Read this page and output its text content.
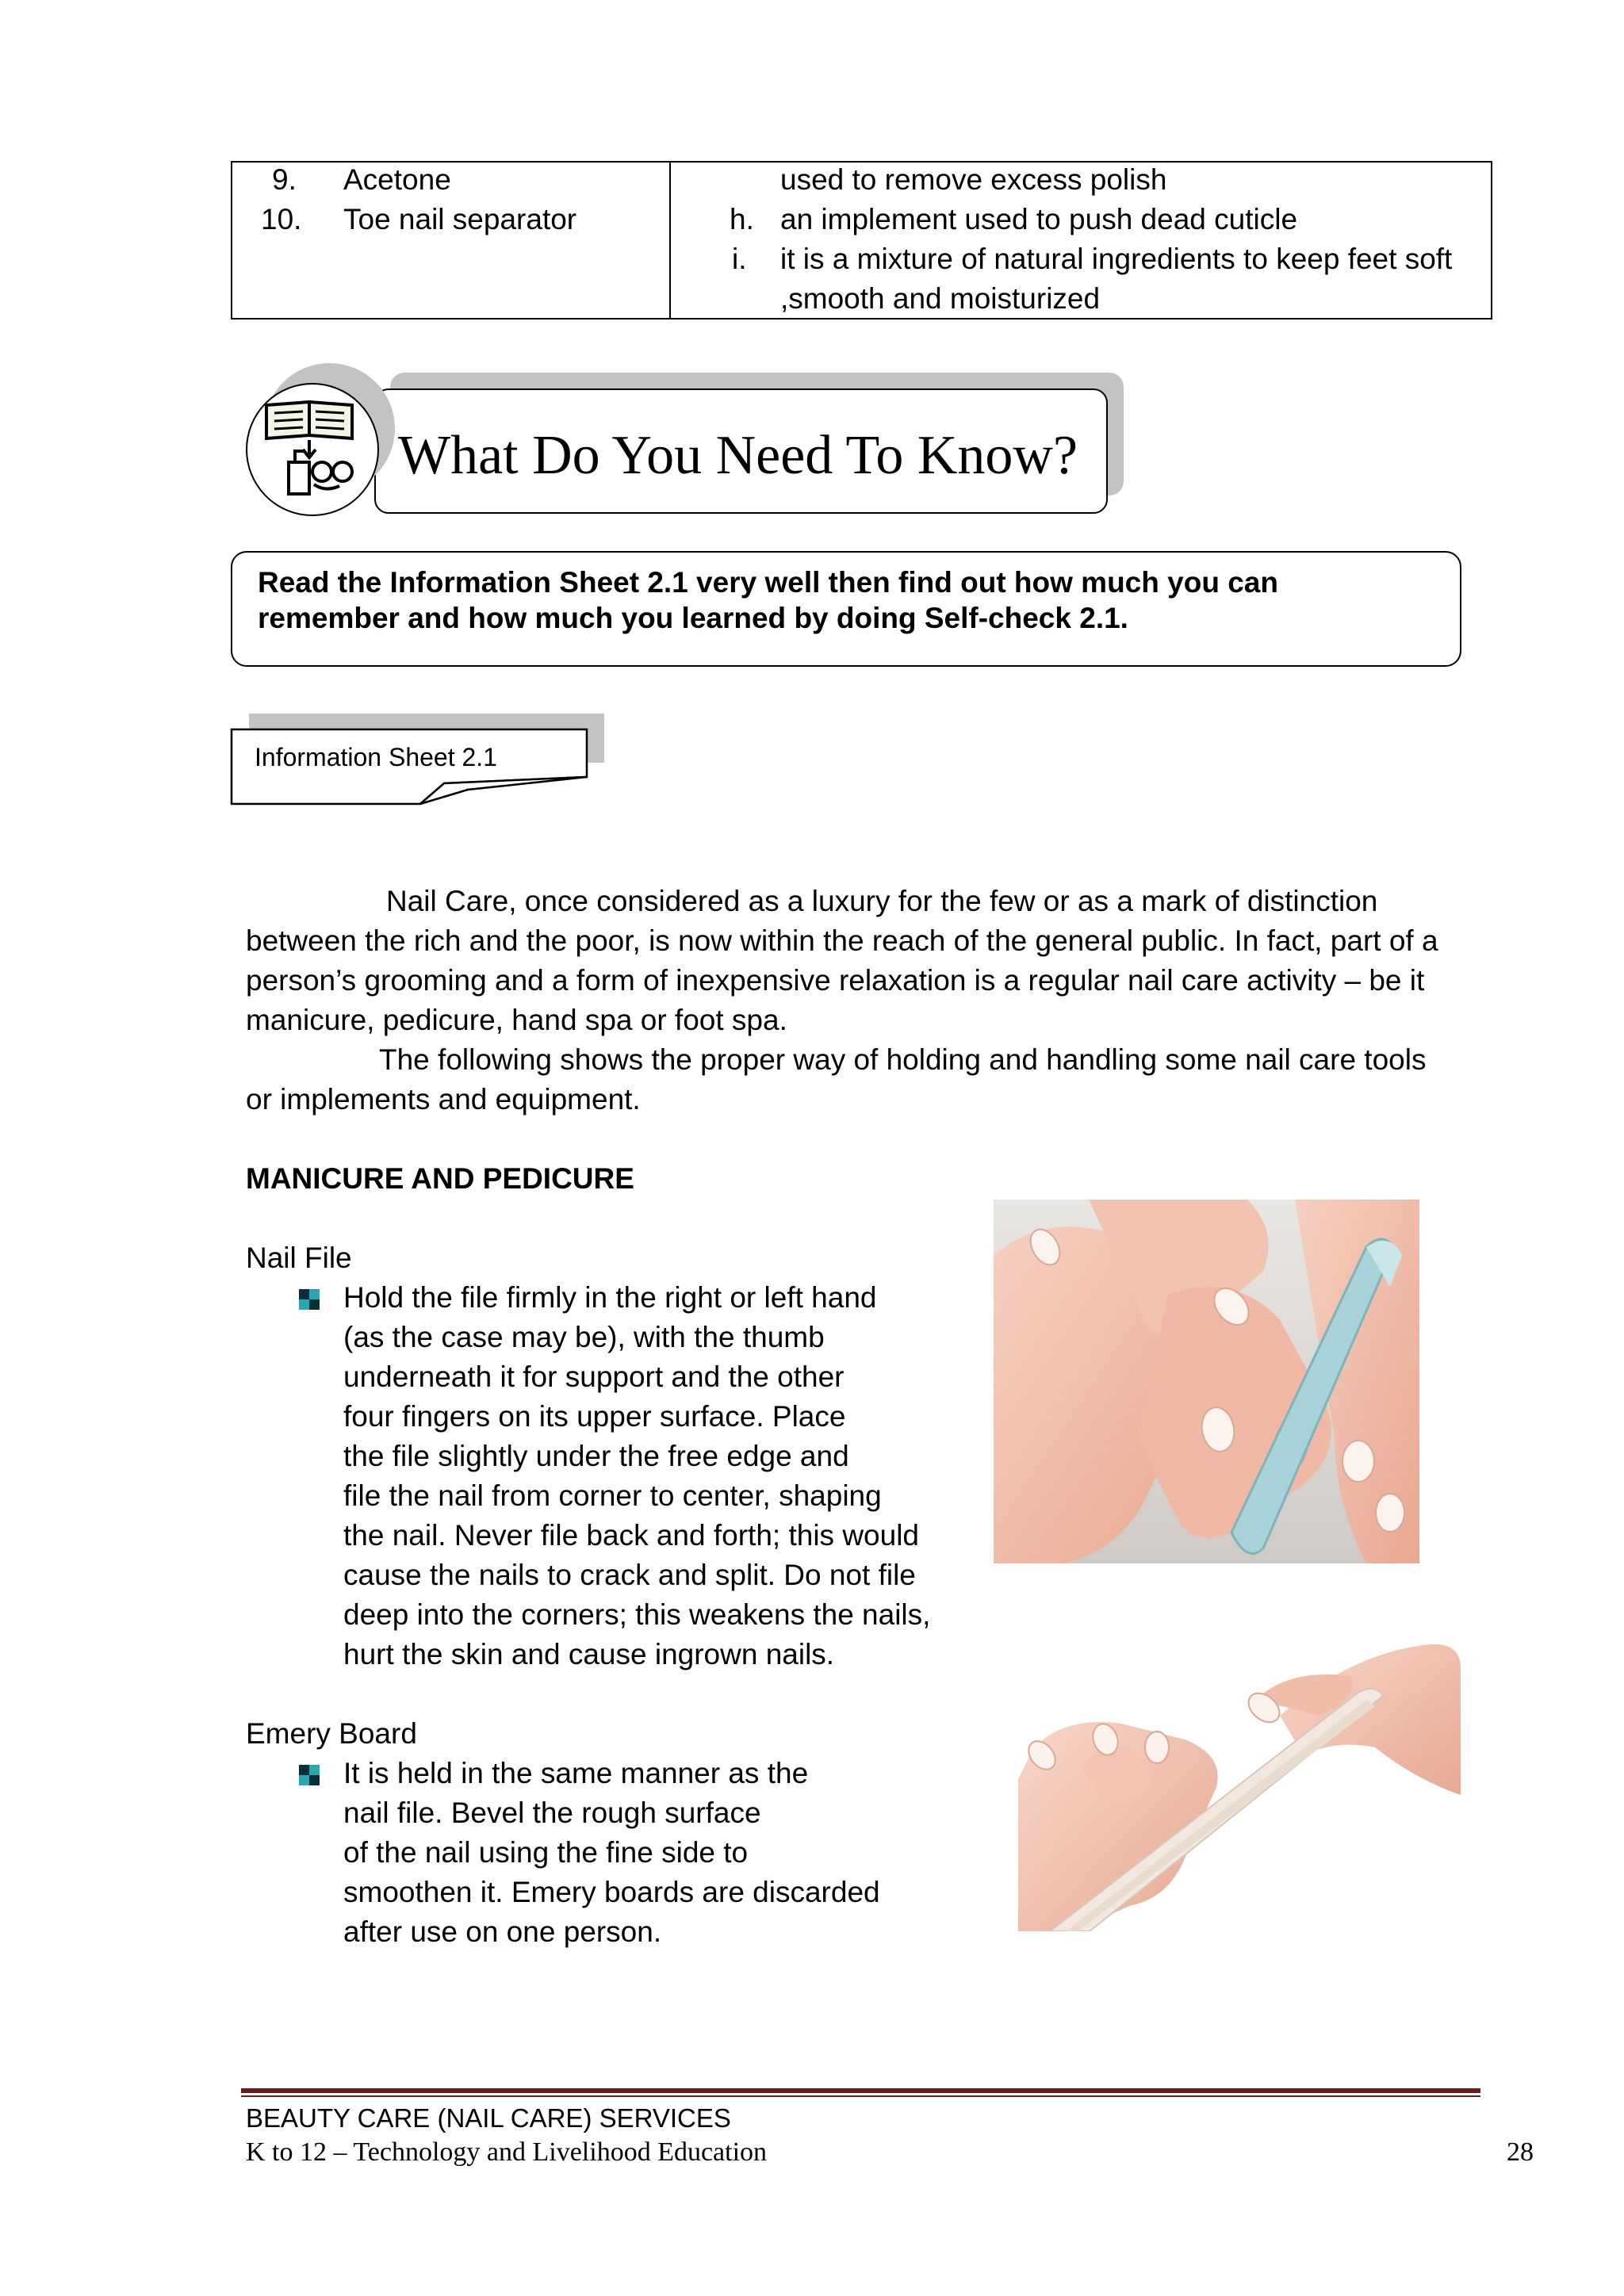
9. Acetone
10. Toe nail separator
used to remove excess polish
h. an implement used to push dead cuticle
i. it is a mixture of natural ingredients to keep feet soft
,smooth and moisturized
What Do You Need To Know?
Read the Information Sheet 2.1 very well then find out how much you can
remember and how much you learned by doing Self-check 2.1.
Information Sheet 2.1
Nail Care, once considered as a luxury for the few or as a mark of distinction
between the rich and the poor, is now within the reach of the general public. In fact, part of a
person’s grooming and a form of inexpensive relaxation is a regular nail care activity – be it
manicure, pedicure, hand spa or foot spa.
The following shows the proper way of holding and handling some nail care tools
or implements and equipment.
MANICURE AND PEDICURE
Nail File
Hold the file firmly in the right or left hand
(as the case may be), with the thumb
underneath it for support and the other
four fingers on its upper surface. Place
the file slightly under the free edge and
file the nail from corner to center, shaping
the nail. Never file back and forth; this would
cause the nails to crack and split. Do not file
deep into the corners; this weakens the nails,
hurt the skin and cause ingrown nails.
Emery Board
It is held in the same manner as the
nail file. Bevel the rough surface
of the nail using the fine side to
smoothen it. Emery boards are discarded
after use on one person.
BEAUTY CARE (NAIL CARE) SERVICES
K to 12 – Technology and Livelihood Education	28
